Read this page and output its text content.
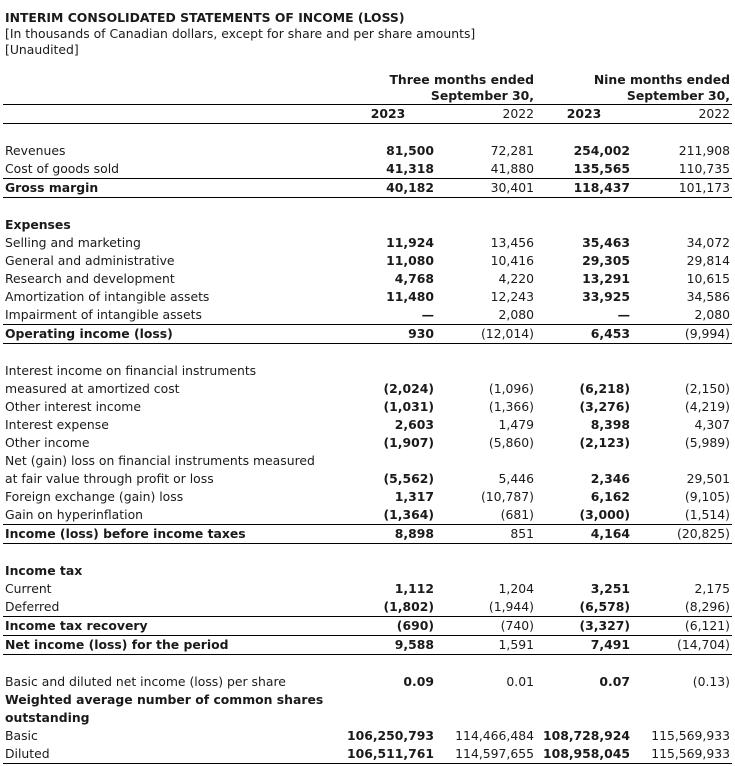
INTERIM CONSOLIDATED STATEMENTS OF INCOME (LOSS)
[In thousands of Canadian dollars, except for share and per share amounts]
[Unaudited]
	Three months ended		Nine months ended	
	September 30,		September 30,	
	2023	2022	2023	2022

Revenues	81,500	72,281	254,002	211,908
Cost of goods sold	41,318	41,880	135,565	110,735
Gross margin	40,182	30,401	118,437	101,173

Expenses				
Selling and marketing	11,924	13,456	35,463	34,072
General and administrative	11,080	10,416	29,305	29,814
Research and development	4,768	4,220	13,291	10,615
Amortization of intangible assets	11,480	12,243	33,925	34,586
Impairment of intangible assets	—	2,080	—	2,080
Operating income (loss)	930	(12,014)	6,453	(9,994)

Interest income on financial instruments				
measured at amortized cost	(2,024)	(1,096)	(6,218)	(2,150)
Other interest income	(1,031)	(1,366)	(3,276)	(4,219)
Interest expense	2,603	1,479	8,398	4,307
Other income	(1,907)	(5,860)	(2,123)	(5,989)
Net (gain) loss on financial instruments measured				
at fair value through profit or loss	(5,562)	5,446	2,346	29,501
Foreign exchange (gain) loss	1,317	(10,787)	6,162	(9,105)
Gain on hyperinflation	(1,364)	(681)	(3,000)	(1,514)
Income (loss) before income taxes	8,898	851	4,164	(20,825)

Income tax				
Current	1,112	1,204	3,251	2,175
Deferred	(1,802)	(1,944)	(6,578)	(8,296)
Income tax recovery	(690)	(740)	(3,327)	(6,121)
Net income (loss) for the period	9,588	1,591	7,491	(14,704)

Basic and diluted net income (loss) per share	0.09	0.01	0.07	(0.13)
Weighted average number of common shares				
outstanding				
Basic	106,250,793	114,466,484	108,728,924	115,569,933
Diluted	106,511,761	114,597,655	108,958,045	115,569,933
